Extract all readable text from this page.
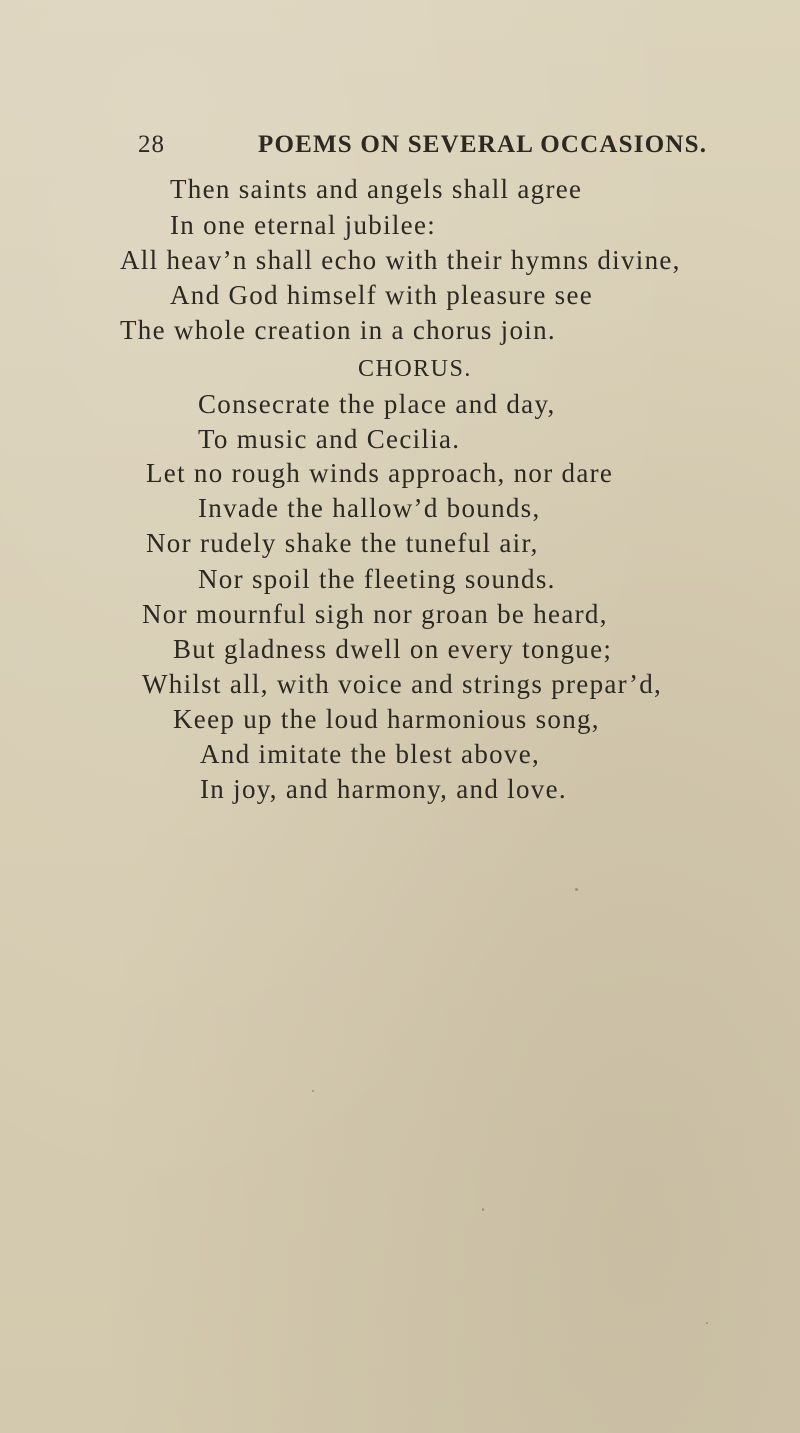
28	POEMS ON SEVERAL OCCASIONS.
Then saints and angels shall agree
In one eternal jubilee:
All heav’n shall echo with their hymns divine,
And God himself with pleasure see
The whole creation in a chorus join.
CHORUS.
Consecrate the place and day,
To music and Cecilia.
Let no rough winds approach, nor dare
Invade the hallow’d bounds,
Nor rudely shake the tuneful air,
Nor spoil the fleeting sounds.
Nor mournful sigh nor groan be heard,
But gladness dwell on every tongue;
Whilst all, with voice and strings prepar’d,
Keep up the loud harmonious song,
And imitate the blest above,
In joy, and harmony, and love.
